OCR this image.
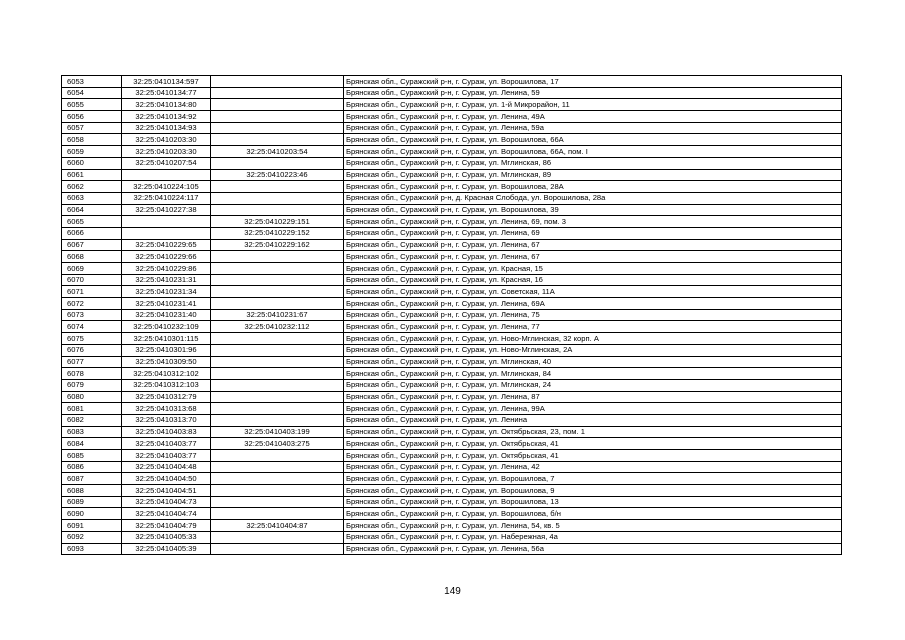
6053	32:25:0410134:597		Брянская обл., Суражский р-н, г. Сураж, ул. Ворошилова, 17
6054	32:25:0410134:77		Брянская обл., Суражский р-н, г. Сураж, ул. Ленина, 59
6055	32:25:0410134:80		Брянская обл., Суражский р-н, г. Сураж, ул. 1-й Микрорайон, 11
6056	32:25:0410134:92		Брянская обл., Суражский р-н, г. Сураж, ул. Ленина, 49А
6057	32:25:0410134:93		Брянская обл., Суражский р-н, г. Сураж, ул. Ленина, 59а
6058	32:25:0410203:30		Брянская обл., Суражский р-н, г. Сураж, ул. Ворошилова, 66А
6059	32:25:0410203:30	32:25:0410203:54	Брянская обл., Суражский р-н, г. Сураж, ул. Ворошилова, 66А, пом. I
6060	32:25:0410207:54		Брянская обл., Суражский р-н, г. Сураж, ул. Мглинская, 86
6061		32:25:0410223:46	Брянская обл., Суражский р-н, г. Сураж, ул. Мглинская, 89
6062	32:25:0410224:105		Брянская обл., Суражский р-н, г. Сураж, ул. Ворошилова, 28А
6063	32:25:0410224:117		Брянская обл., Суражский р-н, д. Красная Слобода, ул. Ворошилова, 28а
6064	32:25:0410227:38		Брянская обл., Суражский р-н, г. Сураж, ул. Ворошилова, 39
6065		32:25:0410229:151	Брянская обл., Суражский р-н, г. Сураж, ул. Ленина, 69, пом. 3
6066		32:25:0410229:152	Брянская обл., Суражский р-н, г. Сураж, ул. Ленина, 69
6067	32:25:0410229:65	32:25:0410229:162	Брянская обл., Суражский р-н, г. Сураж, ул. Ленина, 67
6068	32:25:0410229:66		Брянская обл., Суражский р-н, г. Сураж, ул. Ленина, 67
6069	32:25:0410229:86		Брянская обл., Суражский р-н, г. Сураж, ул. Красная, 15
6070	32:25:0410231:31		Брянская обл., Суражский р-н, г. Сураж, ул. Красная, 16
6071	32:25:0410231:34		Брянская обл., Суражский р-н, г. Сураж, ул. Советская, 11А
6072	32:25:0410231:41		Брянская обл., Суражский р-н, г. Сураж, ул. Ленина, 69А
6073	32:25:0410231:40	32:25:0410231:67	Брянская обл., Суражский р-н, г. Сураж, ул. Ленина, 75
6074	32:25:0410232:109	32:25:0410232:112	Брянская обл., Суражский р-н, г. Сураж, ул. Ленина, 77
6075	32:25:0410301:115		Брянская обл., Суражский р-н, г. Сураж, ул. Ново-Мглинская, 32 корп. А
6076	32:25:0410301:96		Брянская обл., Суражский р-н, г. Сураж, ул. Ново-Мглинская, 2А
6077	32:25:0410309:50		Брянская обл., Суражский р-н, г. Сураж, ул. Мглинская, 40
6078	32:25:0410312:102		Брянская обл., Суражский р-н, г. Сураж, ул. Мглинская, 84
6079	32:25:0410312:103		Брянская обл., Суражский р-н, г. Сураж, ул. Мглинская, 24
6080	32:25:0410312:79		Брянская обл., Суражский р-н, г. Сураж, ул. Ленина, 87
6081	32:25:0410313:68		Брянская обл., Суражский р-н, г. Сураж, ул. Ленина, 99А
6082	32:25:0410313:70		Брянская обл., Суражский р-н, г. Сураж, ул. Ленина
6083	32:25:0410403:83	32:25:0410403:199	Брянская обл., Суражский р-н, г. Сураж, ул. Октябрьская, 23, пом. 1
6084	32:25:0410403:77	32:25:0410403:275	Брянская обл., Суражский р-н, г. Сураж, ул. Октябрьская, 41
6085	32:25:0410403:77		Брянская обл., Суражский р-н, г. Сураж, ул. Октябрьская, 41
6086	32:25:0410404:48		Брянская обл., Суражский р-н, г. Сураж, ул. Ленина, 42
6087	32:25:0410404:50		Брянская обл., Суражский р-н, г. Сураж, ул. Ворошилова, 7
6088	32:25:0410404:51		Брянская обл., Суражский р-н, г. Сураж, ул. Ворошилова, 9
6089	32:25:0410404:73		Брянская обл., Суражский р-н, г. Сураж, ул. Ворошилова, 13
6090	32:25:0410404:74		Брянская обл., Суражский р-н, г. Сураж, ул. Ворошилова, б/н
6091	32:25:0410404:79	32:25:0410404:87	Брянская обл., Суражский р-н, г. Сураж, ул. Ленина, 54, кв. 5
6092	32:25:0410405:33		Брянская обл., Суражский р-н, г. Сураж, ул. Набережная, 4а
6093	32:25:0410405:39		Брянская обл., Суражский р-н, г. Сураж, ул. Ленина, 56а
149
